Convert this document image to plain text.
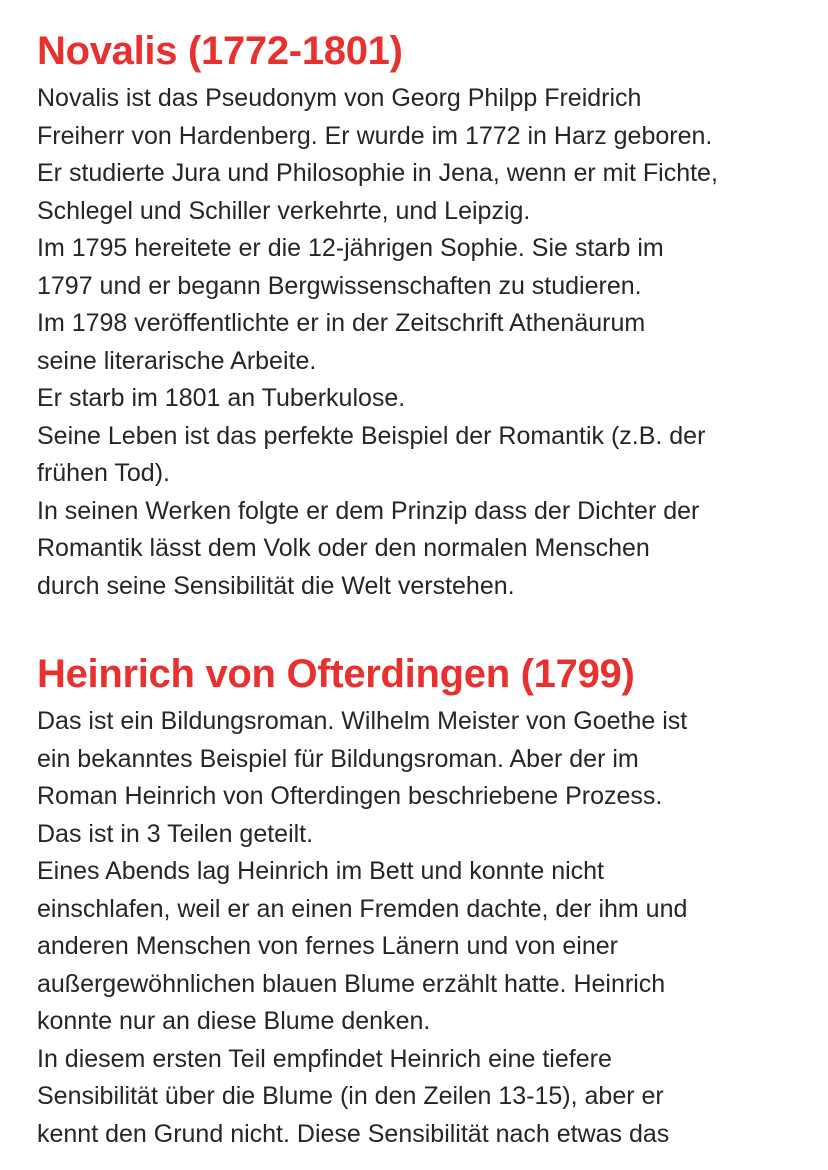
Novalis (1772-1801)
Novalis ist das Pseudonym von Georg Philpp Freidrich
Freiherr von Hardenberg. Er wurde im 1772 in Harz geboren.
Er studierte Jura und Philosophie in Jena, wenn er mit Fichte,
Schlegel und Schiller verkehrte, und Leipzig.
Im 1795 hereitete er die 12-jährigen Sophie. Sie starb im
1797 und er begann Bergwissenschaften zu studieren.
Im 1798 veröffentlichte er in der Zeitschrift Athenäurum
seine literarische Arbeite.
Er starb im 1801 an Tuberkulose.
Seine Leben ist das perfekte Beispiel der Romantik (z.B. der
frühen Tod).
In seinen Werken folgte er dem Prinzip dass der Dichter der
Romantik lässt dem Volk oder den normalen Menschen
durch seine Sensibilität die Welt verstehen.
Heinrich von Ofterdingen (1799)
Das ist ein Bildungsroman. Wilhelm Meister von Goethe ist
ein bekanntes Beispiel für Bildungsroman. Aber der im
Roman Heinrich von Ofterdingen beschriebene Prozess.
Das ist in 3 Teilen geteilt.
Eines Abends lag Heinrich im Bett und konnte nicht
einschlafen, weil er an einen Fremden dachte, der ihm und
anderen Menschen von fernes Länern und von einer
außergewöhnlichen blauen Blume erzählt hatte. Heinrich
konnte nur an diese Blume denken.
In diesem ersten Teil empfindet Heinrich eine tiefere
Sensibilität über die Blume (in den Zeilen 13-15), aber er
kennt den Grund nicht. Diese Sensibilität nach etwas das
